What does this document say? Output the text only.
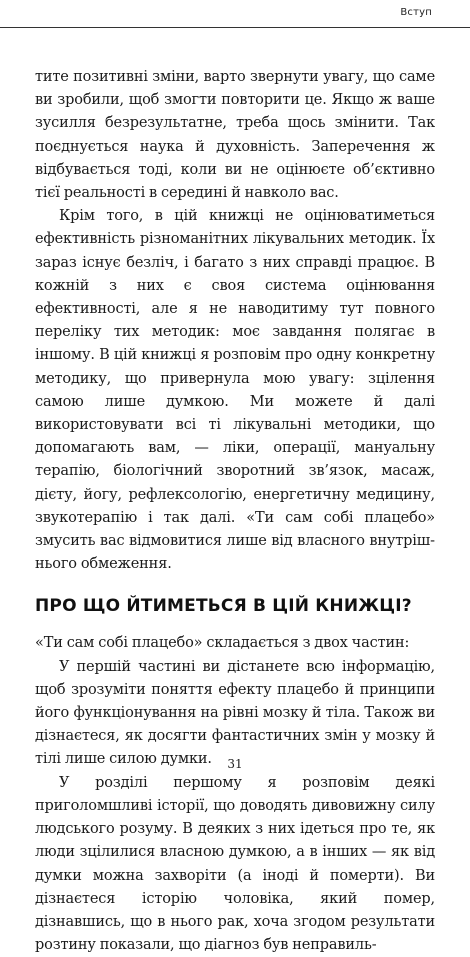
Вступ

тите позитивні зміни, варто звернути увагу, що саме ви зробили, щоб змогти повторити це. Якщо ж ваше зусилля безрезультатне, треба щось змінити. Так поєднується наука й духовність. Заперечення ж відбувається тоді, коли ви не оцінюєте об’єктивно тієї реальності в середині й навколо вас.

Крім того, в цій книжці не оцінюватиметься ефективність різноманітних лікувальних методик. Їх зараз існує безліч, і багато з них справді працює. В кожній з них є своя система оцінювання ефективності, але я не наводитиму тут повного переліку тих методик: моє завдання полягає в іншому. В цій книжці я розповім про одну конкретну методику, що привернула мою увагу: зцілення самою лише думкою. Ми можете й далі використовувати всі ті лікувальні методики, що допомагають вам, — ліки, операції, мануальну терапію, біологічний зворотний зв’язок, масаж, дієту, йогу, рефлексологію, енергетичну медицину, звукотерапію і так далі. «Ти сам собі плацебо» змусить вас відмовитися лише від власного внутрішнього обмеження.

ПРО ЩО ЙТИМЕТЬСЯ В ЦІЙ КНИЖЦІ?

«Ти сам собі плацебо» складається з двох частин:

У першій частині ви дістанете всю інформацію, щоб зрозуміти поняття ефекту плацебо й принципи його функціонування на рівні мозку й тіла. Також ви дізнаєтеся, як досягти фантастичних змін у мозку й тілі лише силою думки.

У розділі першому я розповім деякі приголомшливі історії, що доводять дивовижну силу людського розуму. В деяких з них ідеться про те, як люди зцілилися власною думкою, а в інших — як від думки можна захворіти (а іноді й померти). Ви дізнаєтеся історію чоловіка, який помер, дізнавшись, що в нього рак, хоча згодом результати розтину показали, що діагноз був неправиль-

31
